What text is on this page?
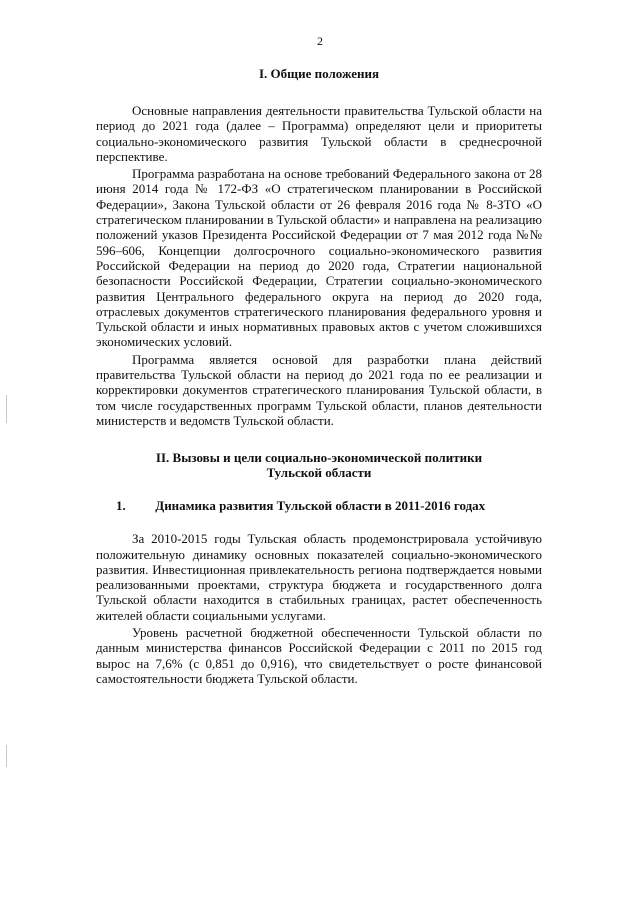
2
I. Общие положения

Основные направления деятельности правительства Тульской области на период до 2021 года (далее – Программа) определяют цели и приоритеты социально-экономического развития Тульской области в среднесрочной перспективе.

Программа разработана на основе требований Федерального закона от 28 июня 2014 года № 172-ФЗ «О стратегическом планировании в Российской Федерации», Закона Тульской области от 26 февраля 2016 года № 8-ЗТО «О стратегическом планировании в Тульской области» и направлена на реализацию положений указов Президента Российской Федерации от 7 мая 2012 года №№ 596–606, Концепции долгосрочного социально-экономического развития Российской Федерации на период до 2020 года, Стратегии национальной безопасности Российской Федерации, Стратегии социально-экономического развития Центрального федерального округа на период до 2020 года, отраслевых документов стратегического планирования федерального уровня и Тульской области и иных нормативных правовых актов с учетом сложившихся экономических условий.

Программа является основой для разработки плана действий правительства Тульской области на период до 2021 года по ее реализации и корректировки документов стратегического планирования Тульской области, в том числе государственных программ Тульской области, планов деятельности министерств и ведомств Тульской области.

II. Вызовы и цели социально-экономической политики
Тульской области
1. Динамика развития Тульской области в 2011-2016 годах

За 2010-2015 годы Тульская область продемонстрировала устойчивую положительную динамику основных показателей социально-экономического развития. Инвестиционная привлекательность региона подтверждается новыми реализованными проектами, структура бюджета и государственного долга Тульской области находится в стабильных границах, растет обеспеченность жителей области социальными услугами.

Уровень расчетной бюджетной обеспеченности Тульской области по данным министерства финансов Российской Федерации с 2011 по 2015 год вырос на 7,6% (с 0,851 до 0,916), что свидетельствует о росте финансовой самостоятельности бюджета Тульской области.
